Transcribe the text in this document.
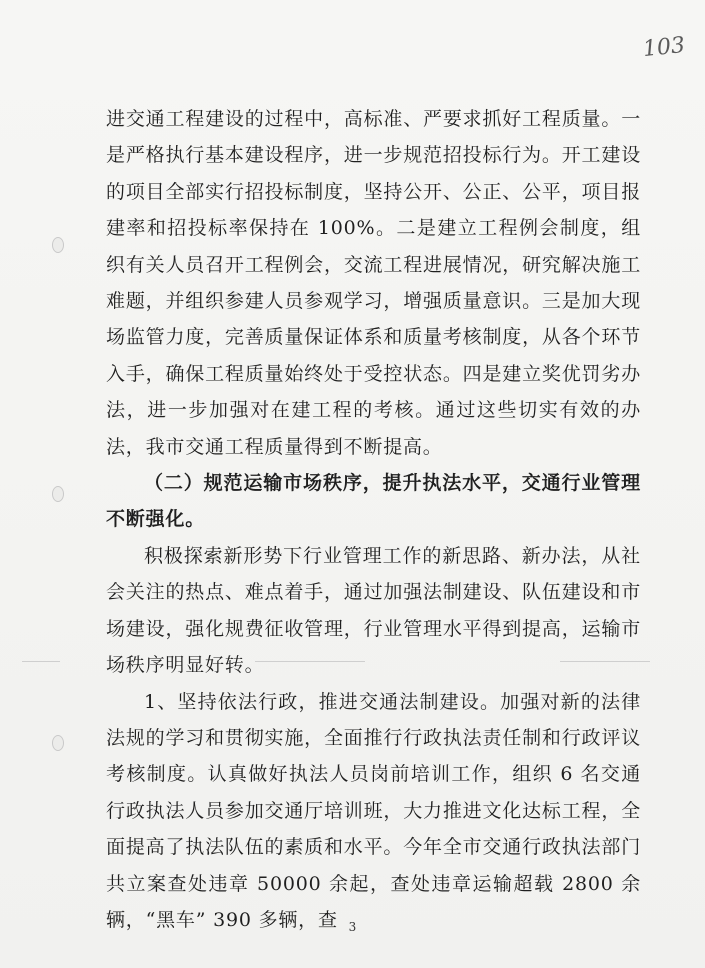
103

进交通工程建设的过程中，高标准、严要求抓好工程质量。一是严格执行基本建设程序，进一步规范招投标行为。开工建设的项目全部实行招投标制度，坚持公开、公正、公平，项目报建率和招投标率保持在 100%。二是建立工程例会制度，组织有关人员召开工程例会，交流工程进展情况，研究解决施工难题，并组织参建人员参观学习，增强质量意识。三是加大现场监管力度，完善质量保证体系和质量考核制度，从各个环节入手，确保工程质量始终处于受控状态。四是建立奖优罚劣办法，进一步加强对在建工程的考核。通过这些切实有效的办法，我市交通工程质量得到不断提高。

（二）规范运输市场秩序，提升执法水平，交通行业管理不断强化。

积极探索新形势下行业管理工作的新思路、新办法，从社会关注的热点、难点着手，通过加强法制建设、队伍建设和市场建设，强化规费征收管理，行业管理水平得到提高，运输市场秩序明显好转。

1、坚持依法行政，推进交通法制建设。加强对新的法律法规的学习和贯彻实施，全面推行行政执法责任制和行政评议考核制度。认真做好执法人员岗前培训工作，组织 6 名交通行政执法人员参加交通厅培训班，大力推进文化达标工程，全面提高了执法队伍的素质和水平。今年全市交通行政执法部门共立案查处违章 50000 余起，查处违章运输超载 2800 余辆，“黑车” 390 多辆，查 3
